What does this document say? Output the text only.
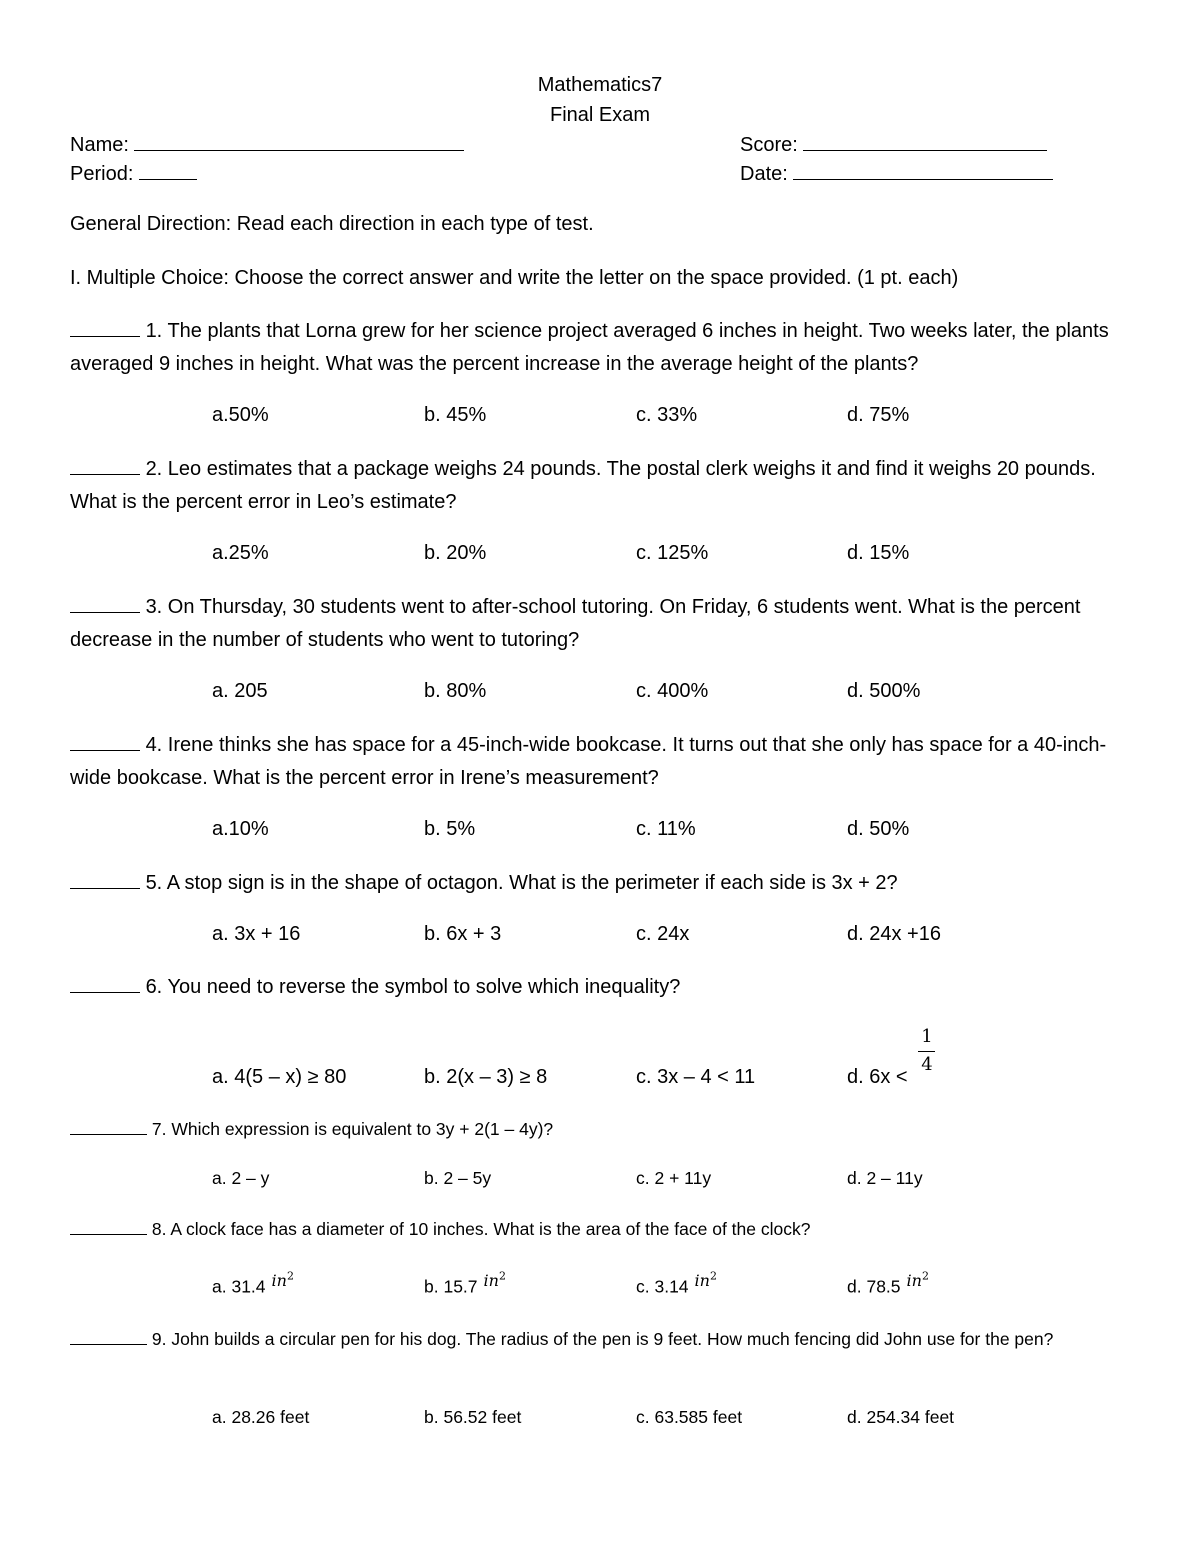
Mathematics7
Final Exam
Name:	Score:
Period:	Date:
General Direction: Read each direction in each type of test.
I. Multiple Choice: Choose the correct answer and write the letter on the space provided. (1 pt. each)
1. The plants that Lorna grew for her science project averaged 6 inches in height. Two weeks later, the plants averaged 9 inches in height. What was the percent increase in the average height of the plants?
a.50%	b. 45%	c. 33%	d. 75%
2. Leo estimates that a package weighs 24 pounds. The postal clerk weighs it and find it weighs 20 pounds. What is the percent error in Leo’s estimate?
a.25%	b. 20%	c. 125%	d. 15%
3. On Thursday, 30 students went to after-school tutoring. On Friday, 6 students went. What is the percent decrease in the number of students who went to tutoring?
a. 205	b. 80%	c. 400%	d. 500%
4. Irene thinks she has space for a 45-inch-wide bookcase. It turns out that she only has space for a 40-inch-wide bookcase. What is the percent error in Irene’s measurement?
a.10%	b. 5%	c. 11%	d. 50%
5. A stop sign is in the shape of octagon. What is the perimeter if each side is 3x + 2?
a. 3x + 16	b. 6x + 3	c. 24x	d. 24x +16
6. You need to reverse the symbol to solve which inequality?
a. 4(5 – x) ≥ 80	b. 2(x – 3) ≥ 8	c. 3x – 4 < 11	d. 6x <
1
4
7. Which expression is equivalent to 3y + 2(1 – 4y)?
a. 2 – y	b. 2 – 5y	c. 2 + 11y	d. 2 – 11y
8. A clock face has a diameter of 10 inches. What is the area of the face of the clock?
a. 31.4 $in^2$	b. 15.7 $in^2$	c. 3.14 $in^2$	d. 78.5 $in^2$
9. John builds a circular pen for his dog. The radius of the pen is 9 feet. How much fencing did John use for the pen?
a. 28.26 feet	b. 56.52 feet	c. 63.585 feet	d. 254.34 feet
